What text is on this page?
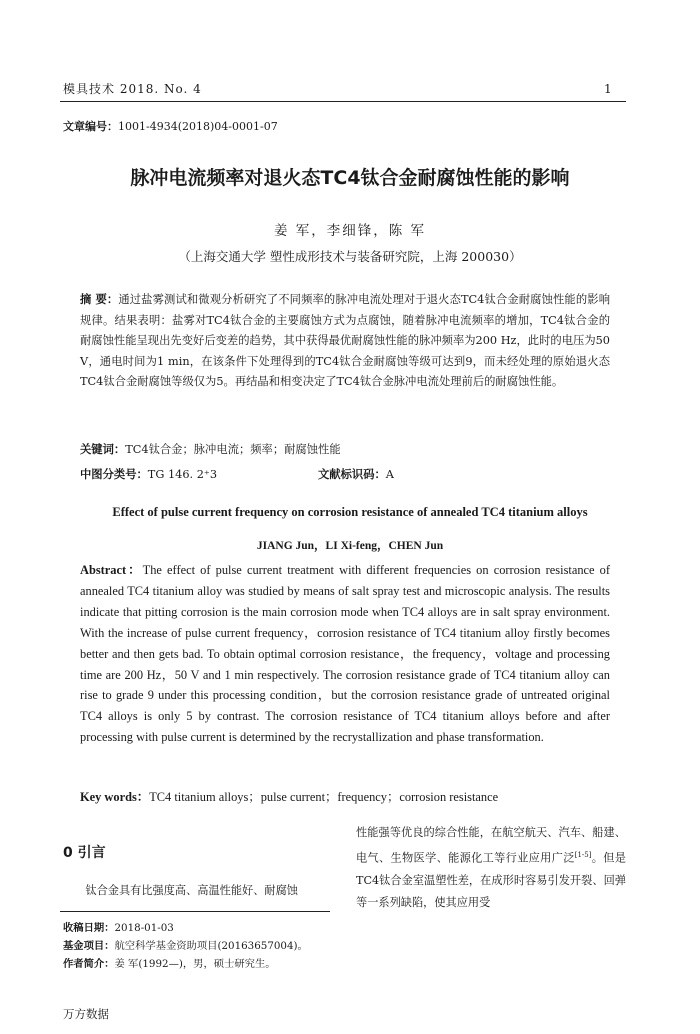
模具技术 2018. No. 4	1
文章编号：1001-4934(2018)04-0001-07
脉冲电流频率对退火态TC4钛合金耐腐蚀性能的影响
姜 军，李细锋，陈 军
（上海交通大学 塑性成形技术与装备研究院，上海 200030）
摘 要：通过盐雾测试和微观分析研究了不同频率的脉冲电流处理对于退火态TC4钛合金耐腐蚀性能的影响规律。结果表明：盐雾对TC4钛合金的主要腐蚀方式为点腐蚀，随着脉冲电流频率的增加，TC4钛合金的耐腐蚀性能呈现出先变好后变差的趋势，其中获得最优耐腐蚀性能的脉冲频率为200 Hz，此时的电压为50 V，通电时间为1 min，在该条件下处理得到的TC4钛合金耐腐蚀等级可达到9，而未经处理的原始退火态TC4钛合金耐腐蚀等级仅为5。再结晶和相变决定了TC4钛合金脉冲电流处理前后的耐腐蚀性能。
关键词：TC4钛合金；脉冲电流；频率；耐腐蚀性能
中图分类号：TG 146. 2⁺3	文献标识码：A
Effect of pulse current frequency on corrosion resistance of annealed TC4 titanium alloys
JIANG Jun，LI Xi-feng，CHEN Jun
Abstract：The effect of pulse current treatment with different frequencies on corrosion resistance of annealed TC4 titanium alloy was studied by means of salt spray test and microscopic analysis. The results indicate that pitting corrosion is the main corrosion mode when TC4 alloys are in salt spray environment. With the increase of pulse current frequency，corrosion resistance of TC4 titanium alloy firstly becomes better and then gets bad. To obtain optimal corrosion resistance，the frequency，voltage and processing time are 200 Hz，50 V and 1 min respectively. The corrosion resistance grade of TC4 titanium alloy can rise to grade 9 under this processing condition，but the corrosion resistance grade of untreated original TC4 alloys is only 5 by contrast. The corrosion resistance of TC4 titanium alloys before and after processing with pulse current is determined by the recrystallization and phase transformation.
Key words：TC4 titanium alloys；pulse current；frequency；corrosion resistance
0 引言
钛合金具有比强度高、高温性能好、耐腐蚀
性能强等优良的综合性能，在航空航天、汽车、船建、电气、生物医学、能源化工等行业应用广泛[1-5]。但是TC4钛合金室温塑性差，在成形时容易引发开裂、回弹等一系列缺陷，使其应用受
收稿日期：2018-01-03
基金项目：航空科学基金资助项目(20163657004)。
作者简介：姜 军(1992—)，男，硕士研究生。
万方数据
